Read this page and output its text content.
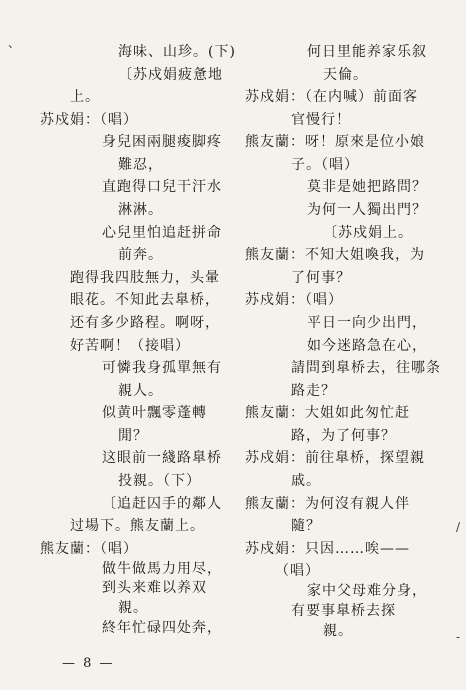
、
海味、山珍。(下)
〔苏戍娟疲惫地
上。
苏戍娟：（唱）
身兒困兩腿痠脚疼
難忍，
直跑得口兒干汗水
淋淋。
心兒里怕追赶拼命
前奔。
跑得我四肢無力，头暈
眼花。不知此去臯桥，
还有多少路程。啊呀，
好苦啊！（接唱）
可憐我身孤單無有
親人。
似黄叶飄零蓬轉
閒？
这眼前一綫路臯桥
投親。（下）
〔追赶囚手的鄰人
过場下。熊友蘭上。
熊友蘭：（唱）
做牛做馬力用尽，
何日里能养家乐叙
天倫。
苏戍娟：（在内喊）前面客
官慢行！
熊友蘭：呀！原來是位小娘
子。（唱）
莫非是她把路問？
为何一人獨出門？
〔苏戍娟上。
熊友蘭：不知大姐喚我，为
了何事？
苏戍娟：（唱）
平日一向少出門，
如今迷路急在心，
請問到臯桥去，往哪条
路走？
熊友蘭：大姐如此匆忙赶
路，为了何事？
苏戍娟：前往臯桥，探望親
戚。
熊友蘭：为何沒有親人伴
隨？
苏戍娟：只因……唉——
（唱）
/
-
— 8 —
到头来难以养双
親。
終年忙碌四处奔，
家中父母难分身，
有要事臯桥去探
親。
